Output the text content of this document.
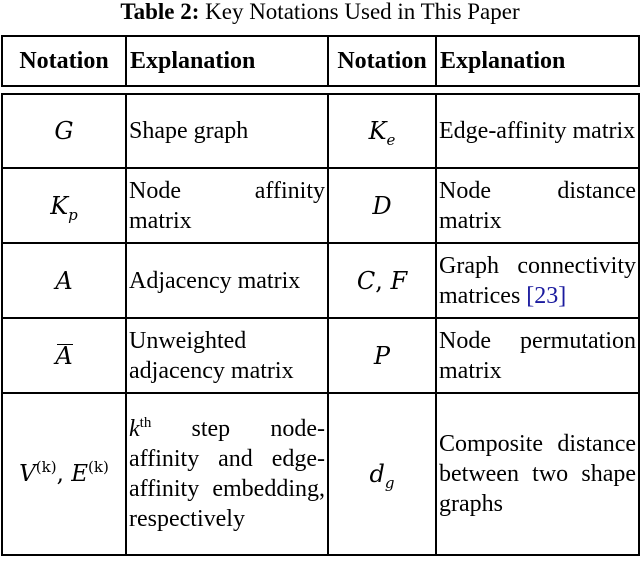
Table 2: Key Notations Used in This Paper
Notation	Explanation	Notation	Explanation
G	Shape graph	$K_e$	Edge-affinity matrix
$K_p$	Node affinity matrix	D	Node distance matrix
A	Adjacency matrix	C, F	Graph connectivity matrices [23]
A	Unweighted adjacency matrix	P	Node permutation matrix
$V^{(k)}$, $E^{(k)}$	$k^{th}$ step node-affinity and edge-affinity embedding, respectively	$d_g$	Composite distance between two shape graphs
